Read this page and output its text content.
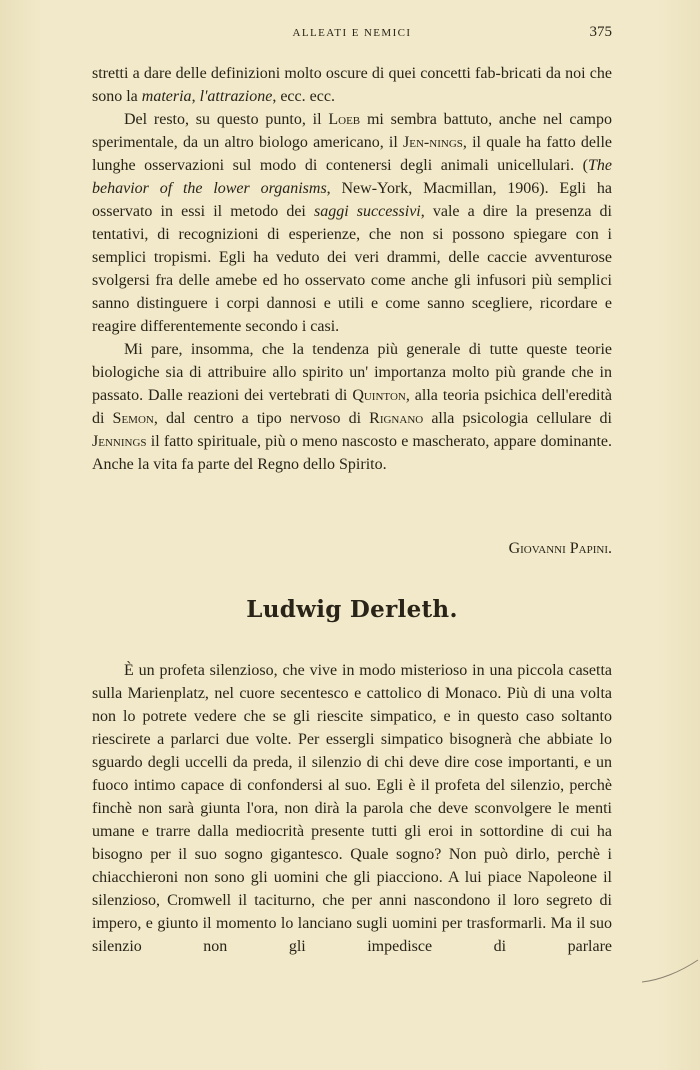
ALLEATI E NEMICI	375

stretti a dare delle definizioni molto oscure di quei concetti fab-bricati da noi che sono la materia, l'attrazione, ecc. ecc.

Del resto, su questo punto, il Loeb mi sembra battuto, anche nel campo sperimentale, da un altro biologo americano, il Jen-nings, il quale ha fatto delle lunghe osservazioni sul modo di contenersi degli animali unicellulari. (The behavior of the lower organisms, New-York, Macmillan, 1906). Egli ha osservato in essi il metodo dei saggi successivi, vale a dire la presenza di tentativi, di recognizioni di esperienze, che non si possono spiegare con i semplici tropismi. Egli ha veduto dei veri drammi, delle caccie avventurose svolgersi fra delle amebe ed ho osservato come anche gli infusori più semplici sanno distinguere i corpi dannosi e utili e come sanno scegliere, ricordare e reagire differentemente secondo i casi.

Mi pare, insomma, che la tendenza più generale di tutte queste teorie biologiche sia di attribuire allo spirito un' importanza molto più grande che in passato. Dalle reazioni dei vertebrati di Quinton, alla teoria psichica dell'eredità di Semon, dal centro a tipo nervoso di Rignano alla psicologia cellulare di Jennings il fatto spirituale, più o meno nascosto e mascherato, appare dominante. Anche la vita fa parte del Regno dello Spirito.

Giovanni Papini.
Ludwig Derleth.

È un profeta silenzioso, che vive in modo misterioso in una piccola casetta sulla Marienplatz, nel cuore secentesco e cattolico di Monaco. Più di una volta non lo potrete vedere che se gli riescite simpatico, e in questo caso soltanto riescirete a parlarci due volte. Per essergli simpatico bisognerà che abbiate lo sguardo degli uccelli da preda, il silenzio di chi deve dire cose importanti, e un fuoco intimo capace di confondersi al suo. Egli è il profeta del silenzio, perchè finchè non sarà giunta l'ora, non dirà la parola che deve sconvolgere le menti umane e trarre dalla mediocrità presente tutti gli eroi in sottordine di cui ha bisogno per il suo sogno gigantesco. Quale sogno? Non può dirlo, perchè i chiacchieroni non sono gli uomini che gli piacciono. A lui piace Napoleone il silenzioso, Cromwell il taciturno, che per anni nascondono il loro segreto di impero, e giunto il momento lo lanciano sugli uomini per trasformarli. Ma il suo silenzio non gli impedisce di parlare
